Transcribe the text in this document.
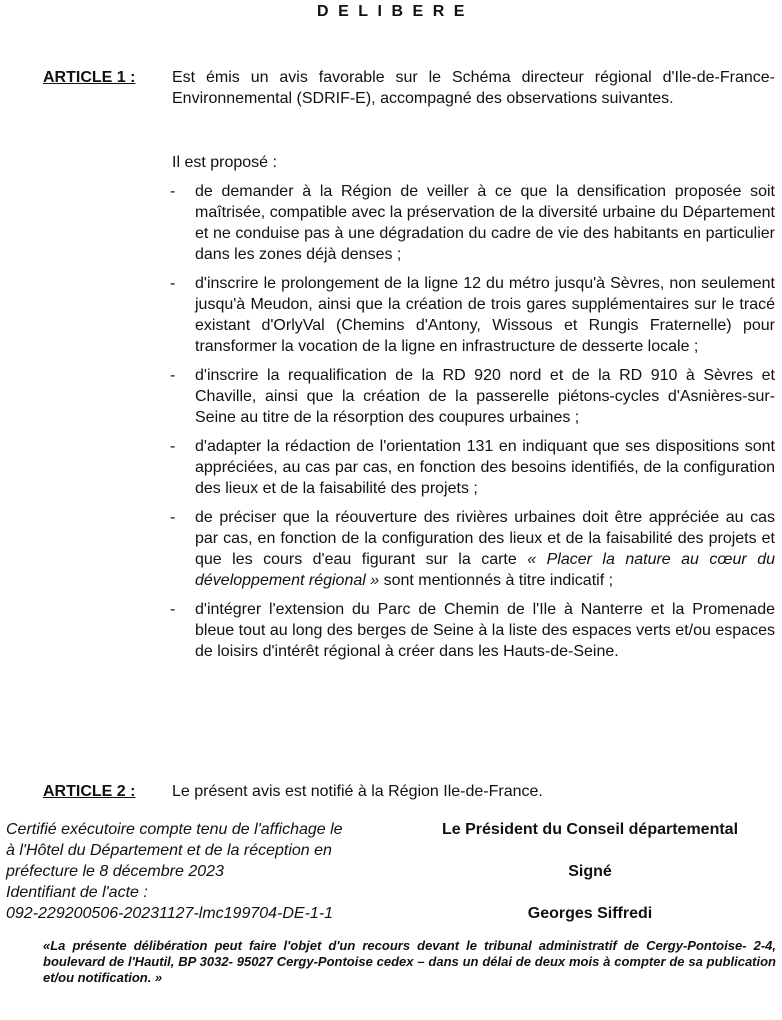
DELIBERE
ARTICLE 1 : Est émis un avis favorable sur le Schéma directeur régional d'Ile-de-France-Environnemental (SDRIF-E), accompagné des observations suivantes.
Il est proposé :
- de demander à la Région de veiller à ce que la densification proposée soit maîtrisée, compatible avec la préservation de la diversité urbaine du Département et ne conduise pas à une dégradation du cadre de vie des habitants en particulier dans les zones déjà denses ;
- d'inscrire le prolongement de la ligne 12 du métro jusqu'à Sèvres, non seulement jusqu'à Meudon, ainsi que la création de trois gares supplémentaires sur le tracé existant d'OrlyVal (Chemins d'Antony, Wissous et Rungis Fraternelle) pour transformer la vocation de la ligne en infrastructure de desserte locale ;
- d'inscrire la requalification de la RD 920 nord et de la RD 910 à Sèvres et Chaville, ainsi que la création de la passerelle piétons-cycles d'Asnières-sur-Seine au titre de la résorption des coupures urbaines ;
- d'adapter la rédaction de l'orientation 131 en indiquant que ses dispositions sont appréciées, au cas par cas, en fonction des besoins identifiés, de la configuration des lieux et de la faisabilité des projets ;
- de préciser que la réouverture des rivières urbaines doit être appréciée au cas par cas, en fonction de la configuration des lieux et de la faisabilité des projets et que les cours d'eau figurant sur la carte « Placer la nature au cœur du développement régional » sont mentionnés à titre indicatif ;
- d'intégrer l'extension du Parc de Chemin de l'Ile à Nanterre et la Promenade bleue tout au long des berges de Seine à la liste des espaces verts et/ou espaces de loisirs d'intérêt régional à créer dans les Hauts-de-Seine.
ARTICLE 2 : Le présent avis est notifié à la Région Ile-de-France.
Certifié exécutoire compte tenu de l'affichage le
à l'Hôtel du Département et de la réception en
préfecture le 8 décembre 2023
Identifiant de l'acte :
092-229200506-20231127-lmc199704-DE-1-1
Le Président du Conseil départemental
Signé
Georges Siffredi
«La présente délibération peut faire l'objet d'un recours devant le tribunal administratif de Cergy-Pontoise- 2-4, boulevard de l'Hautil, BP 3032- 95027 Cergy-Pontoise cedex – dans un délai de deux mois à compter de sa publication et/ou notification. »
